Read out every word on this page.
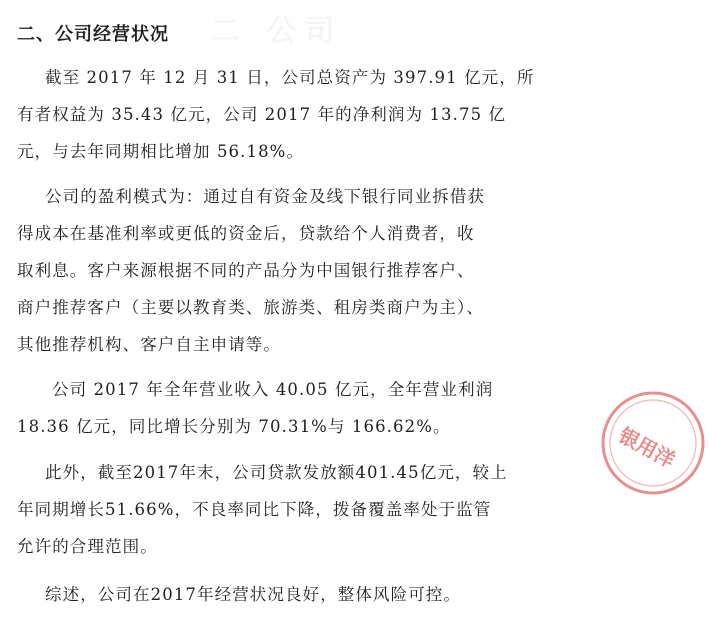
二 公司
二、公司经营状况
截至 2017 年 12 月 31 日，公司总资产为 397.91 亿元，所
有者权益为 35.43 亿元，公司 2017 年的净利润为 13.75 亿
元，与去年同期相比增加 56.18%。
公司的盈利模式为：通过自有资金及线下银行同业拆借获
得成本在基准利率或更低的资金后，贷款给个人消费者，收
取利息。客户来源根据不同的产品分为中国银行推荐客户、
商户推荐客户（主要以教育类、旅游类、租房类商户为主）、
其他推荐机构、客户自主申请等。
公司 2017 年全年营业收入 40.05 亿元，全年营业利润
18.36 亿元，同比增长分别为 70.31%与 166.62%。
此外，截至2017年末，公司贷款发放额401.45亿元，较上
年同期增长51.66%，不良率同比下降，拨备覆盖率处于监管
允许的合理范围。
综述，公司在2017年经营状况良好，整体风险可控。
银用洋
